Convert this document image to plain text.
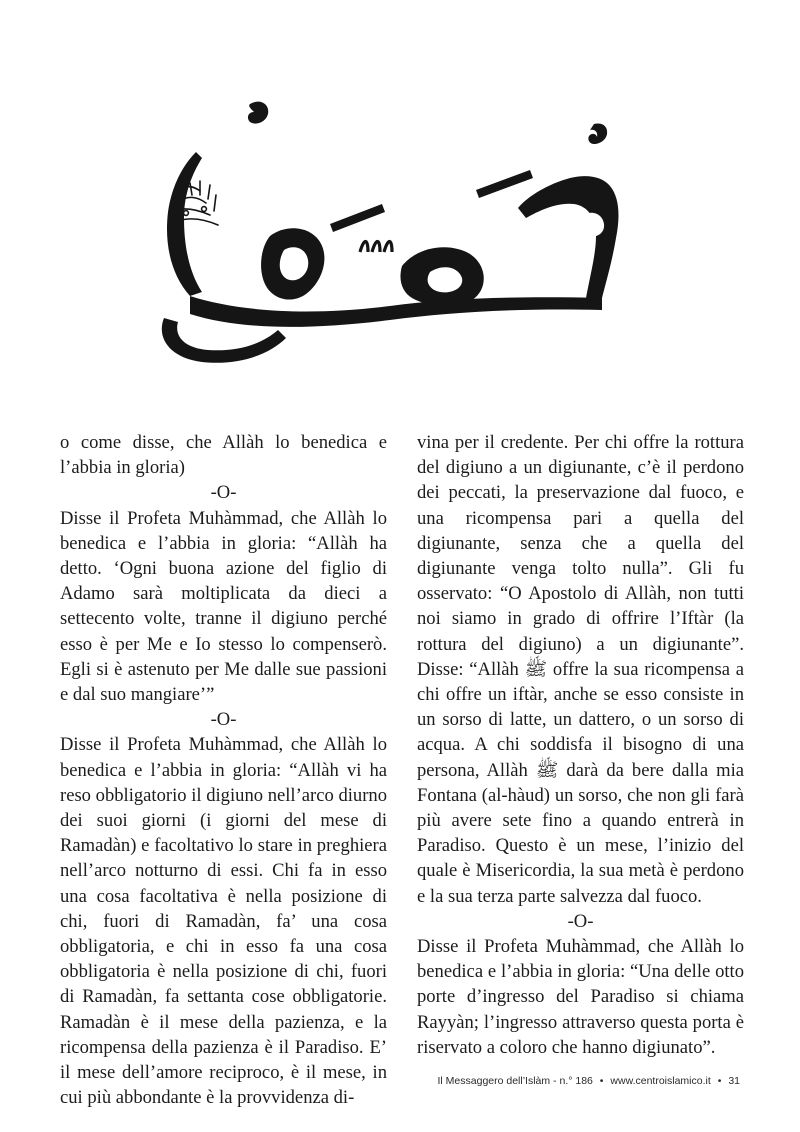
o come disse, che Allàh lo benedica e l’abbia in gloria)

-O-

Disse il Profeta Muhàmmad, che Allàh lo benedica e l’abbia in gloria: “Allàh ha detto. ‘Ogni buona azione del figlio di Adamo sarà moltiplicata da dieci a settecento volte, tranne il digiuno perché esso è per Me e Io stesso lo compenserò. Egli si è astenuto per Me dalle sue passioni e dal suo mangiare’”

-O-

Disse il Profeta Muhàmmad, che Allàh lo benedica e l’abbia in gloria: “Allàh vi ha reso obbligatorio il digiuno nell’arco diurno dei suoi giorni (i giorni del mese di Ramadàn) e facoltativo lo stare in preghiera nell’arco notturno di essi. Chi fa in esso una cosa facoltativa è nella posizione di chi, fuori di Ramadàn, fa’ una cosa obbligatoria, e chi in esso fa una cosa obbligatoria è nella posizione di chi, fuori di Ramadàn, fa settanta cose obbligatorie. Ramadàn è il mese della pazienza, e la ricompensa della pazienza è il Paradiso. E’ il mese dell’amore reciproco, è il mese, in cui più abbondante è la provvidenza di-

vina per il credente. Per chi offre la rottura del digiuno a un digiunante, c’è il perdono dei peccati, la preservazione dal fuoco, e una ricompensa pari a quella del digiunante, senza che a quella del digiunante venga tolto nulla”. Gli fu osservato: “O Apostolo di Allàh, non tutti noi siamo in grado di offrire l’Iftàr (la rottura del digiuno) a un digiunante”. Disse: “Allàh ﷺ offre la sua ricompensa a chi offre un iftàr, anche se esso consiste in un sorso di latte, un dattero, o un sorso di acqua. A chi soddisfa il bisogno di una persona, Allàh ﷺ darà da bere dalla mia Fontana (al-hàud) un sorso, che non gli farà più avere sete fino a quando entrerà in Paradiso. Questo è un mese, l’inizio del quale è Misericordia, la sua metà è perdono e la sua terza parte salvezza dal fuoco.

-O-

Disse il Profeta Muhàmmad, che Allàh lo benedica e l’abbia in gloria: “Una delle otto porte d’ingresso del Paradiso si chiama Rayyàn; l’ingresso attraverso questa porta è riservato a coloro che hanno digiunato”.

Il Messaggero dell’Islàm - n.° 186 • www.centroislamico.it • 31
